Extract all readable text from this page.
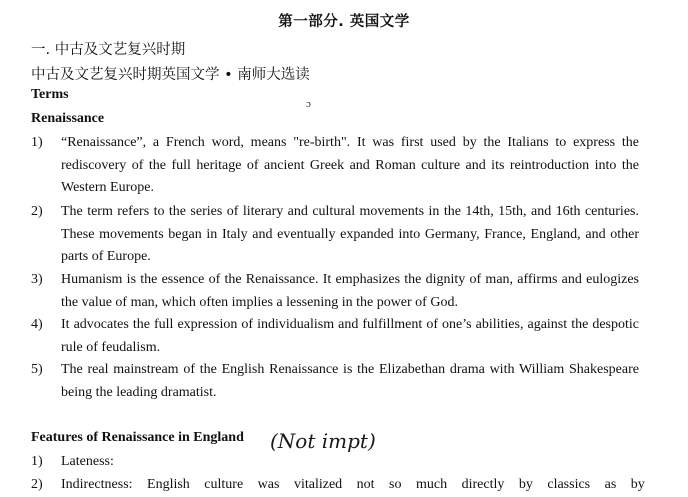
第一部分. 英国文学
一. 中古及文艺复兴时期
中古及文艺复兴时期英国文学 • 南师大选读
Terms
ɔ
Renaissance
1)	“Renaissance”, a French word, means "re-birth". It was first used by the Italians to express the rediscovery of the full heritage of ancient Greek and Roman culture and its reintroduction into the Western Europe.
2)	The term refers to the series of literary and cultural movements in the 14th, 15th, and 16th centuries. These movements began in Italy and eventually expanded into Germany, France, England, and other parts of Europe.
3)	Humanism is the essence of the Renaissance. It emphasizes the dignity of man, affirms and eulogizes the value of man, which often implies a lessening in the power of God.
4)	It advocates the full expression of individualism and fulfillment of one’s abilities, against the despotic rule of feudalism.
5)	The real mainstream of the English Renaissance is the Elizabethan drama with William Shakespeare being the leading dramatist.
Features of Renaissance in England (Not impt)
1) Lateness:
2) Indirectness: English culture was vitalized not so much directly by classics as by
